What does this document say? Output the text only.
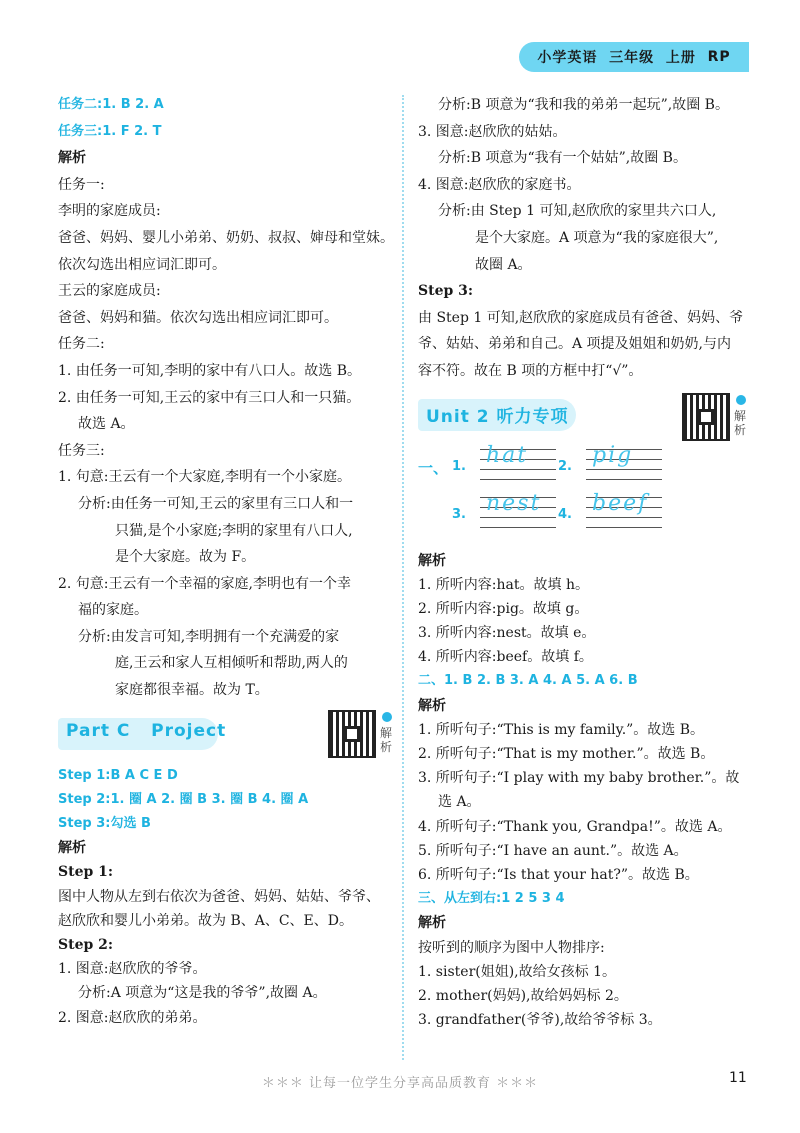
小学英语
三年级
上册
RP
任务二:1. B 2. A
任务三:1. F 2. T
解析
任务一:
李明的家庭成员:
爸爸、妈妈、婴儿小弟弟、奶奶、叔叔、婶母和堂妹。
依次勾选出相应词汇即可。
王云的家庭成员:
爸爸、妈妈和猫。依次勾选出相应词汇即可。
任务二:
1. 由任务一可知,李明的家中有八口人。故选 B。
2. 由任务一可知,王云的家中有三口人和一只猫。
故选 A。
任务三:
1. 句意:王云有一个大家庭,李明有一个小家庭。
分析:由任务一可知,王云的家里有三口人和一
只猫,是个小家庭;李明的家里有八口人,
是个大家庭。故为 F。
2. 句意:王云有一个幸福的家庭,李明也有一个幸
福的家庭。
分析:由发言可知,李明拥有一个充满爱的家
庭,王云和家人互相倾听和帮助,两人的
家庭都很幸福。故为 T。
Part C   Project	解析
Step 1:B A C E D
Step 2:1. 圈 A 2. 圈 B 3. 圈 B 4. 圈 A
Step 3:勾选 B
解析
Step 1:
图中人物从左到右依次为爸爸、妈妈、姑姑、爷爷、
赵欣欣和婴儿小弟弟。故为 B、A、C、E、D。
Step 2:
1. 图意:赵欣欣的爷爷。
分析:A 项意为“这是我的爷爷”,故圈 A。
2. 图意:赵欣欣的弟弟。
分析:B 项意为“我和我的弟弟一起玩”,故圈 B。
3. 图意:赵欣欣的姑姑。
分析:B 项意为“我有一个姑姑”,故圈 B。
4. 图意:赵欣欣的家庭书。
分析:由 Step 1 可知,赵欣欣的家里共六口人,
是个大家庭。A 项意为“我的家庭很大”,
故圈 A。
Step 3:
由 Step 1 可知,赵欣欣的家庭成员有爸爸、妈妈、爷
爷、姑姑、弟弟和自己。A 项提及姐姐和奶奶,与内
容不符。故在 B 项的方框中打“√”。
Unit 2 听力专项	解析
一、 1. hat 2. pig
3. nest 4. beef
解析
1. 所听内容:hat。故填 h。
2. 所听内容:pig。故填 g。
3. 所听内容:nest。故填 e。
4. 所听内容:beef。故填 f。
二、1. B 2. B 3. A 4. A 5. A 6. B
解析
1. 所听句子:“This is my family.”。故选 B。
2. 所听句子:“That is my mother.”。故选 B。
3. 所听句子:“I play with my baby brother.”。故
选 A。
4. 所听句子:“Thank you, Grandpa!”。故选 A。
5. 所听句子:“I have an aunt.”。故选 A。
6. 所听句子:“Is that your hat?”。故选 B。
三、从左到右:1 2 5 3 4
解析
按听到的顺序为图中人物排序:
1. sister(姐姐),故给女孩标 1。
2. mother(妈妈),故给妈妈标 2。
3. grandfather(爷爷),故给爷爷标 3。
＊＊＊ 让每一位学生分享高品质教育 ＊＊＊	11
